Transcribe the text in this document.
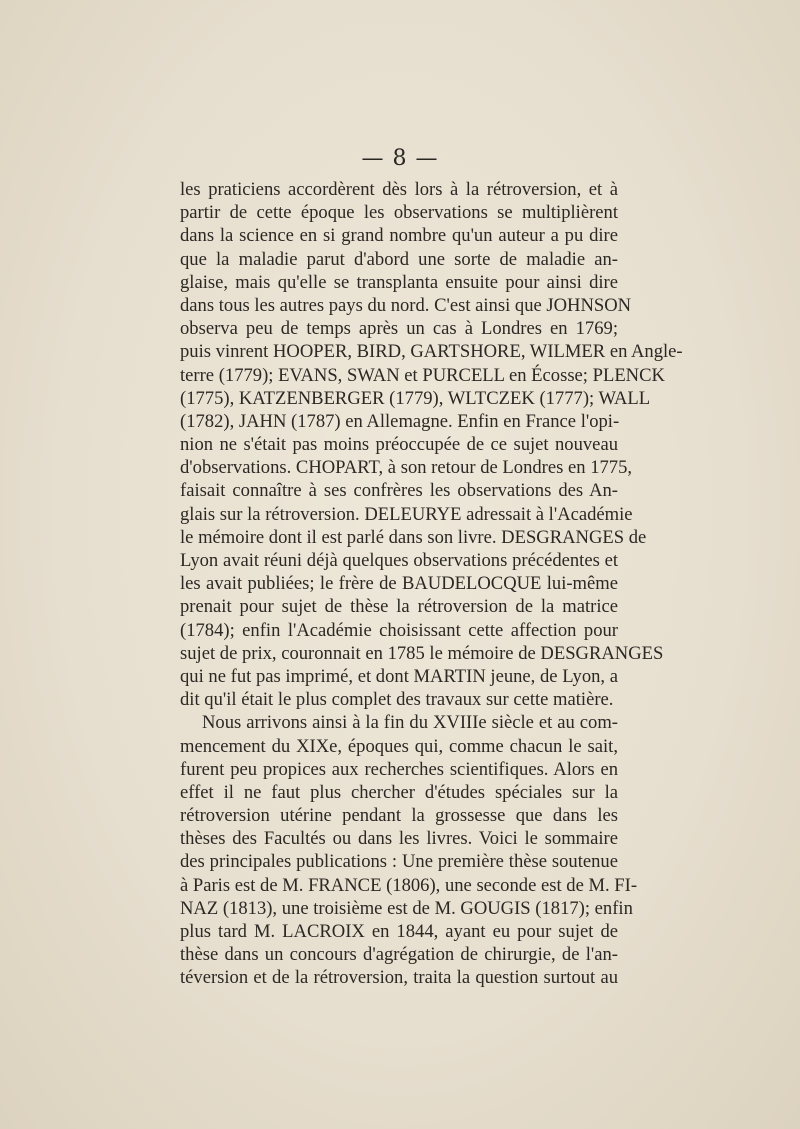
— 8 —
les praticiens accordèrent dès lors à la rétroversion, et à
partir de cette époque les observations se multiplièrent
dans la science en si grand nombre qu'un auteur a pu dire
que la maladie parut d'abord une sorte de maladie an-
glaise, mais qu'elle se transplanta ensuite pour ainsi dire
dans tous les autres pays du nord. C'est ainsi que JOHNSON
observa peu de temps après un cas à Londres en 1769;
puis vinrent HOOPER, BIRD, GARTSHORE, WILMER en Angle-
terre (1779); EVANS, SWAN et PURCELL en Écosse; PLENCK
(1775), KATZENBERGER (1779), WLTCZEK (1777); WALL
(1782), JAHN (1787) en Allemagne. Enfin en France l'opi-
nion ne s'était pas moins préoccupée de ce sujet nouveau
d'observations. CHOPART, à son retour de Londres en 1775,
faisait connaître à ses confrères les observations des An-
glais sur la rétroversion. DELEURYE adressait à l'Académie
le mémoire dont il est parlé dans son livre. DESGRANGES de
Lyon avait réuni déjà quelques observations précédentes et
les avait publiées; le frère de BAUDELOCQUE lui-même
prenait pour sujet de thèse la rétroversion de la matrice
(1784); enfin l'Académie choisissant cette affection pour
sujet de prix, couronnait en 1785 le mémoire de DESGRANGES
qui ne fut pas imprimé, et dont MARTIN jeune, de Lyon, a
dit qu'il était le plus complet des travaux sur cette matière.
Nous arrivons ainsi à la fin du XVIIIe siècle et au com-
mencement du XIXe, époques qui, comme chacun le sait,
furent peu propices aux recherches scientifiques. Alors en
effet il ne faut plus chercher d'études spéciales sur la
rétroversion utérine pendant la grossesse que dans les
thèses des Facultés ou dans les livres. Voici le sommaire
des principales publications : Une première thèse soutenue
à Paris est de M. FRANCE (1806), une seconde est de M. FI-
NAZ (1813), une troisième est de M. GOUGIS (1817); enfin
plus tard M. LACROIX en 1844, ayant eu pour sujet de
thèse dans un concours d'agrégation de chirurgie, de l'an-
téversion et de la rétroversion, traita la question surtout au
